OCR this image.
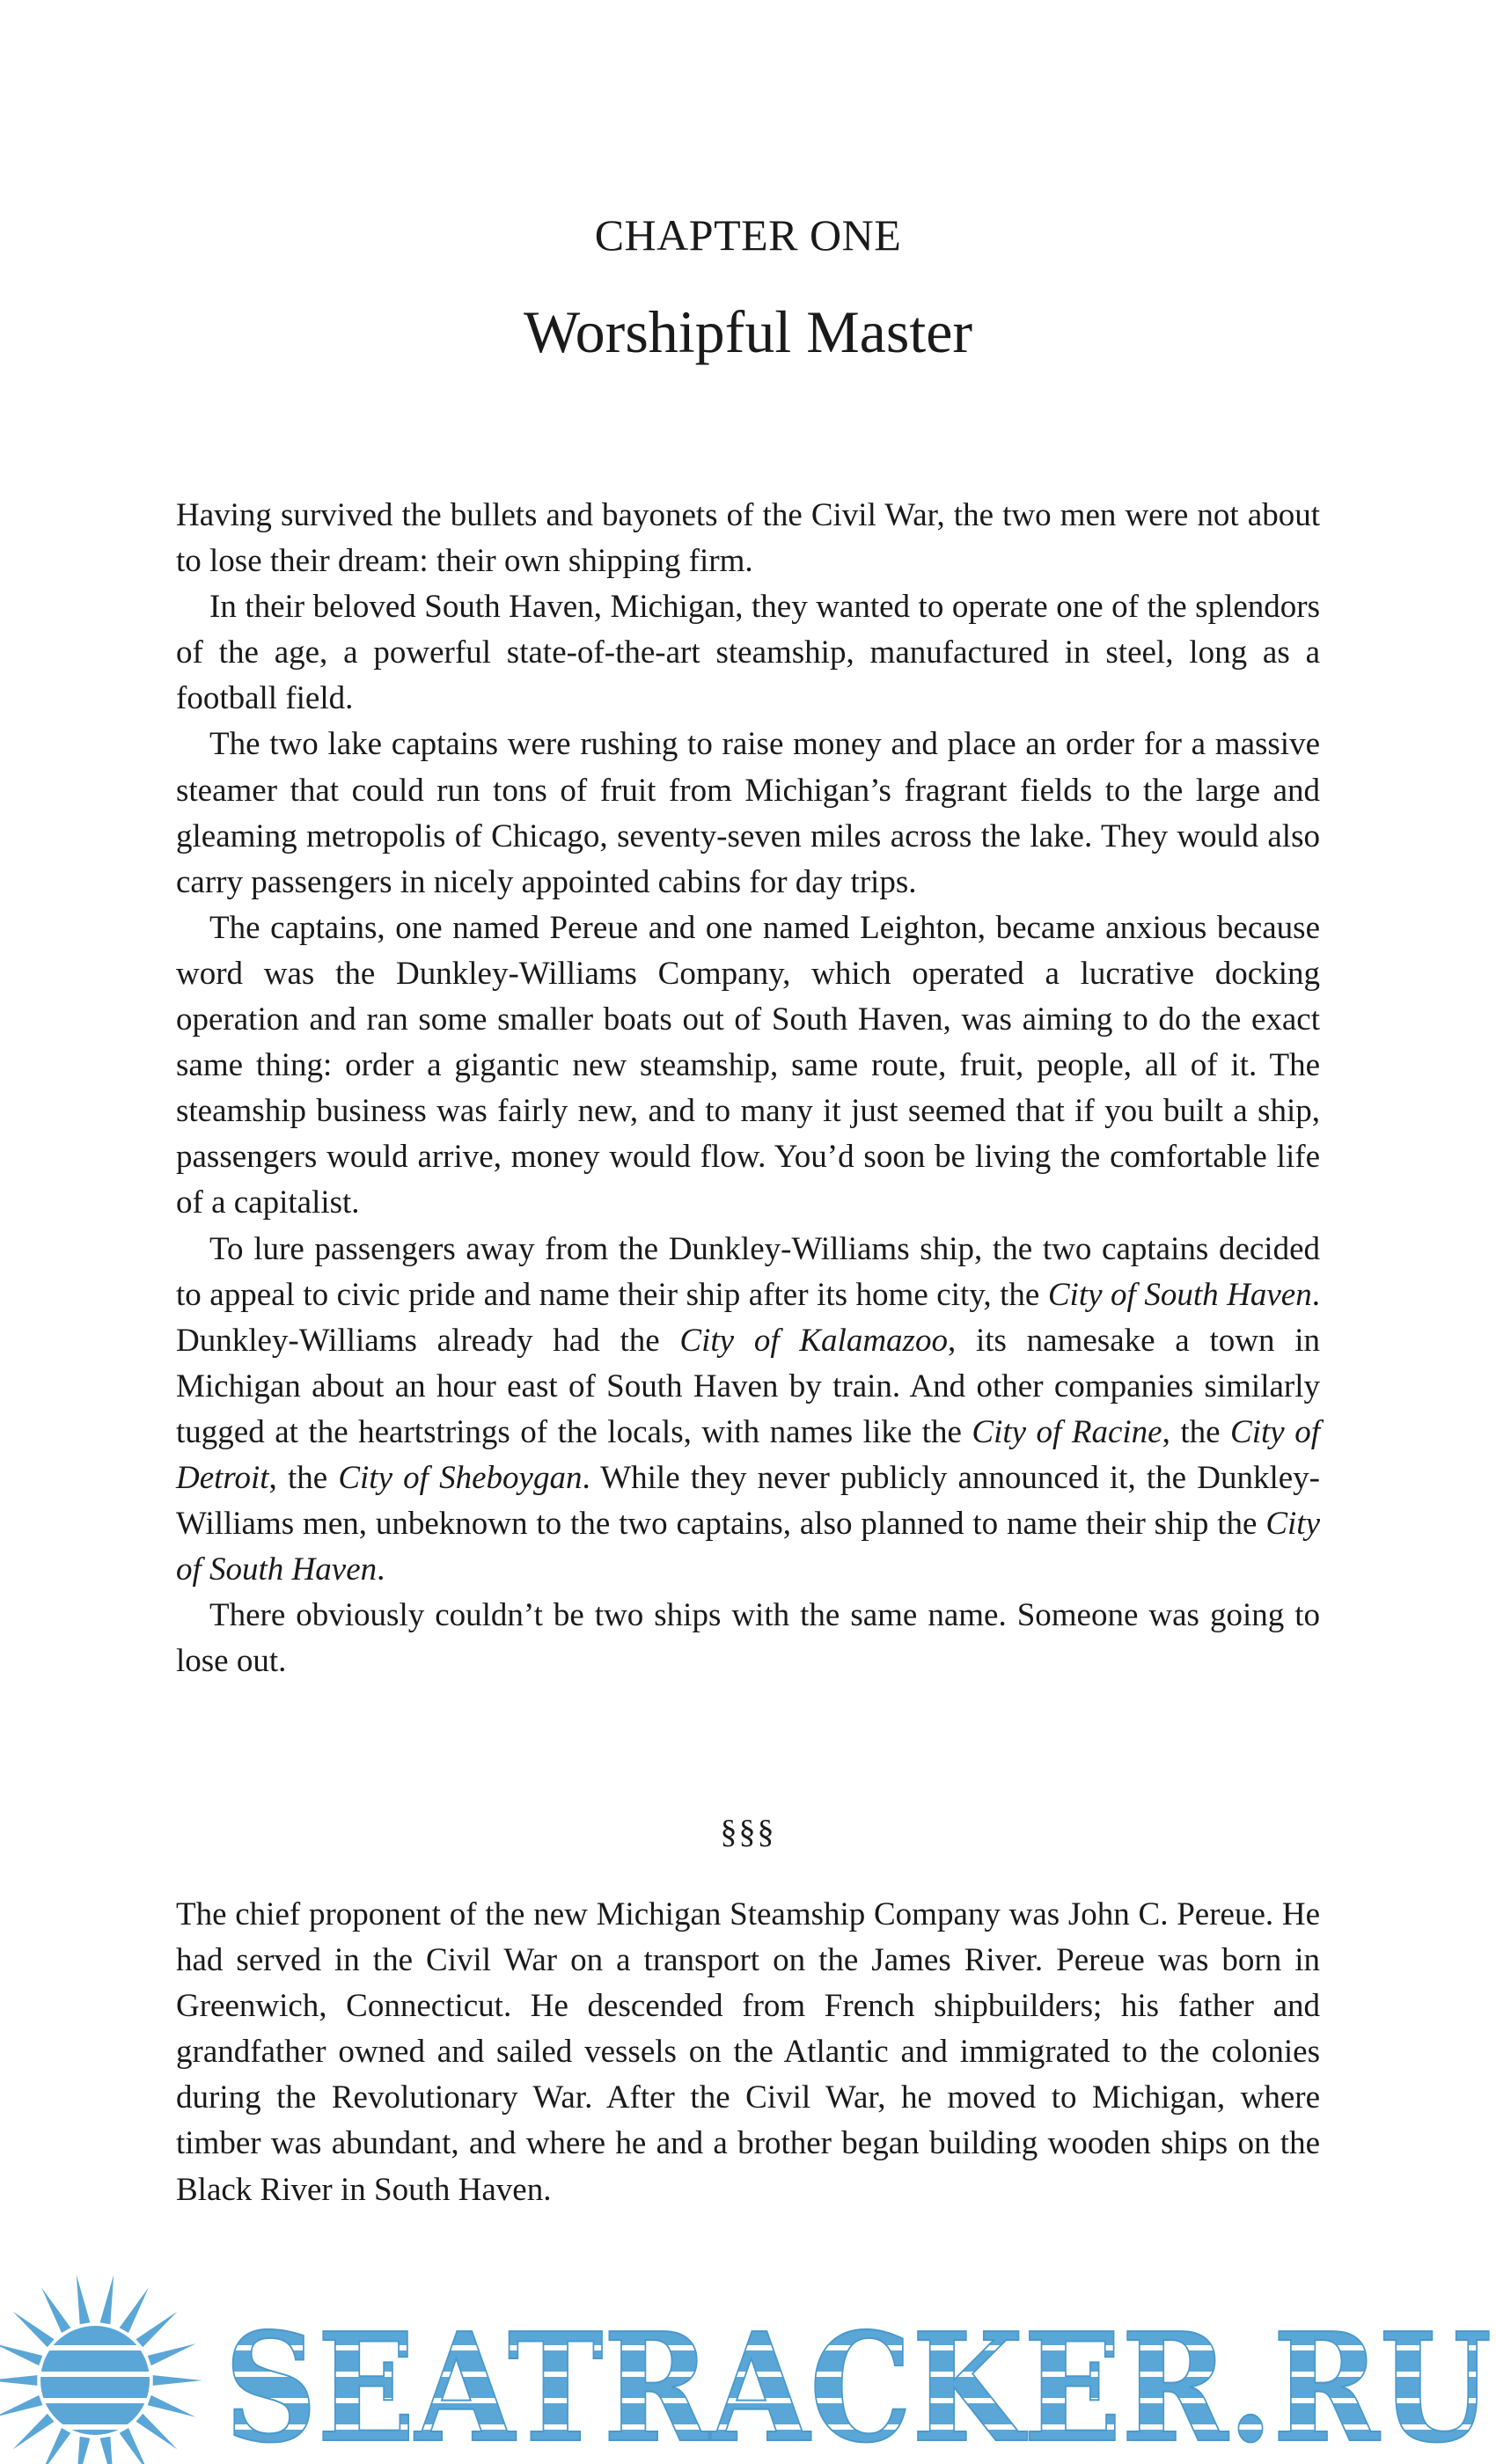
CHAPTER ONE
Worshipful Master

Having survived the bullets and bayonets of the Civil War, the two men were not about to lose their dream: their own shipping firm.

In their beloved South Haven, Michigan, they wanted to operate one of the splendors of the age, a powerful state-of-the-art steamship, manufactured in steel, long as a football field.

The two lake captains were rushing to raise money and place an order for a massive steamer that could run tons of fruit from Michigan’s fragrant fields to the large and gleaming metropolis of Chicago, seventy-seven miles across the lake. They would also carry passengers in nicely appointed cabins for day trips.

The captains, one named Pereue and one named Leighton, became anxious because word was the Dunkley-Williams Company, which operated a lucrative docking operation and ran some smaller boats out of South Haven, was aiming to do the exact same thing: order a gigantic new steamship, same route, fruit, people, all of it. The steamship business was fairly new, and to many it just seemed that if you built a ship, passengers would arrive, money would flow. You’d soon be living the comfortable life of a capitalist.

To lure passengers away from the Dunkley-Williams ship, the two captains decided to appeal to civic pride and name their ship after its home city, the City of South Haven. Dunkley-Williams already had the City of Kalamazoo, its namesake a town in Michigan about an hour east of South Haven by train. And other companies similarly tugged at the heartstrings of the locals, with names like the City of Racine, the City of Detroit, the City of Sheboygan. While they never publicly announced it, the Dunkley-Williams men, unbeknown to the two captains, also planned to name their ship the City of South Haven.

There obviously couldn’t be two ships with the same name. Someone was going to lose out.

§§§

The chief proponent of the new Michigan Steamship Company was John C. Pereue. He had served in the Civil War on a transport on the James River. Pereue was born in Greenwich, Connecticut. He descended from French shipbuilders; his father and grandfather owned and sailed vessels on the Atlantic and immigrated to the colonies during the Revolutionary War. After the Civil War, he moved to Michigan, where timber was abundant, and where he and a brother began building wooden ships on the Black River in South Haven.

SEATRACKER.RU
